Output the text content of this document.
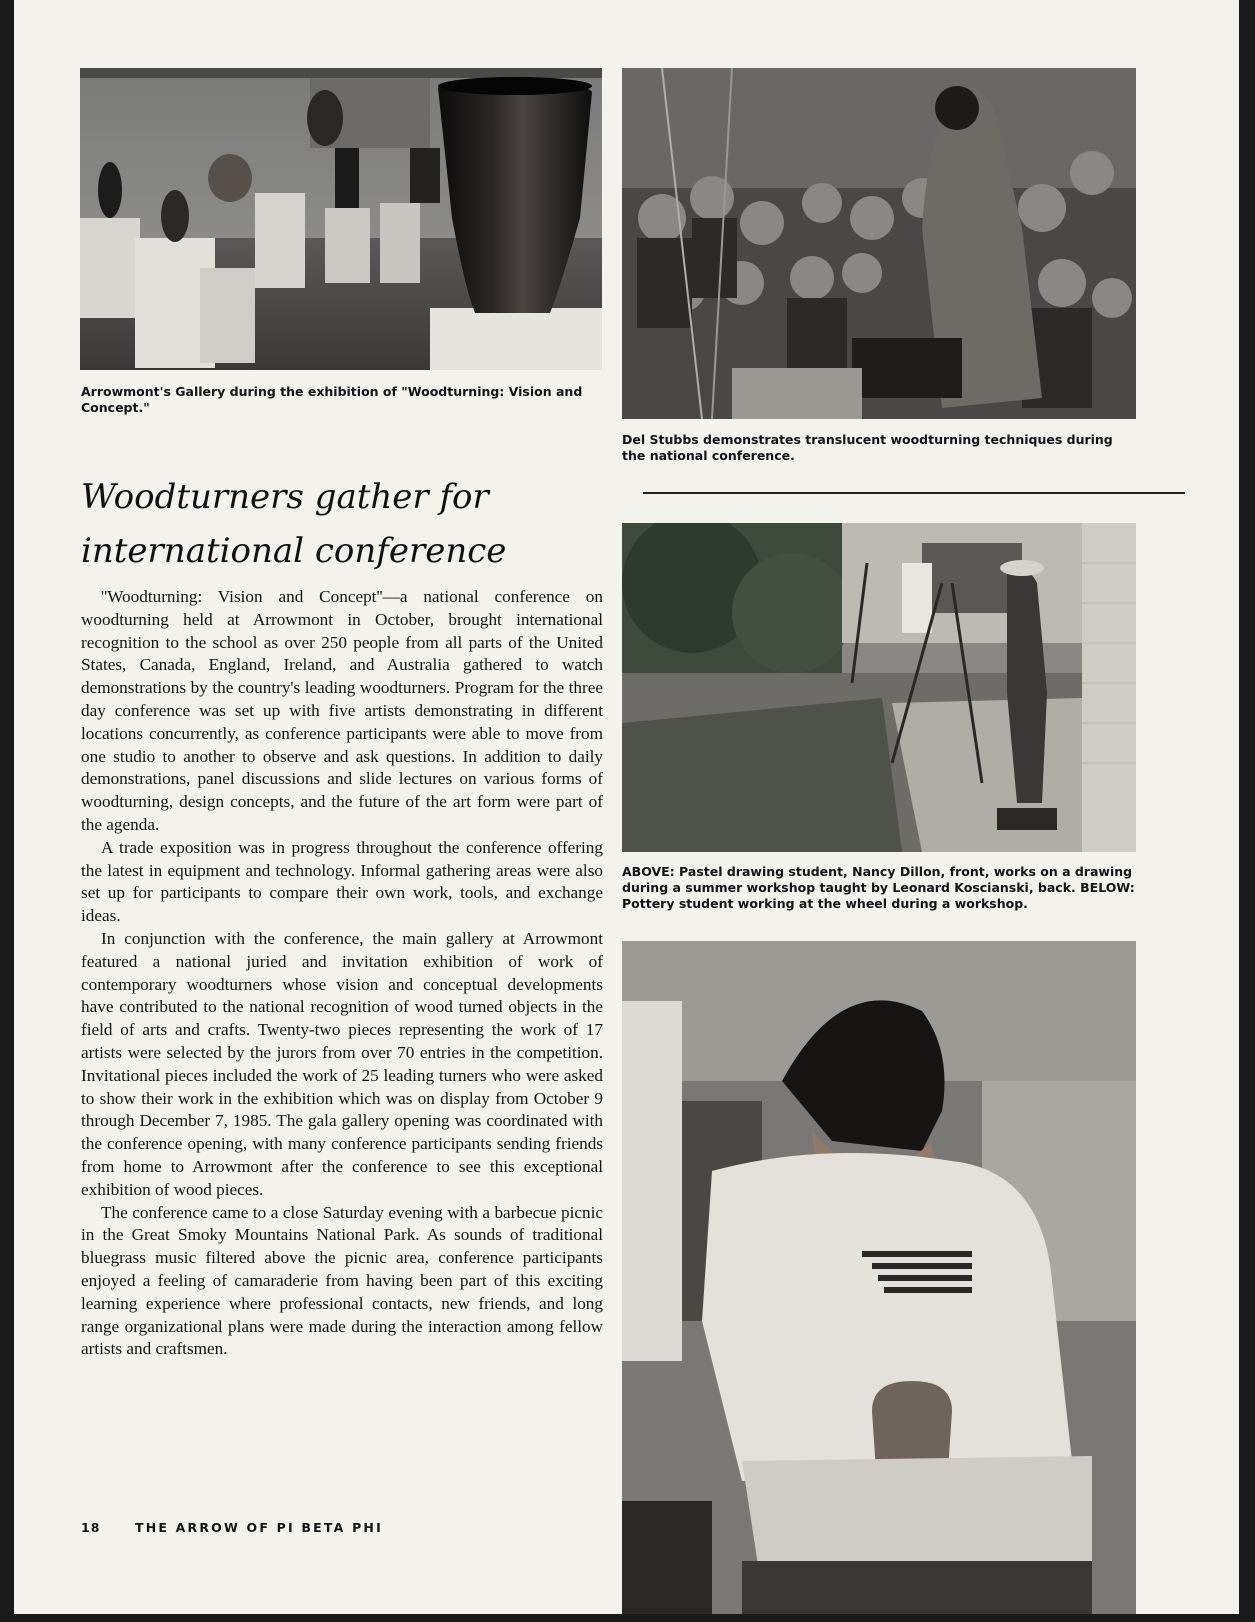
Arrowmont's Gallery during the exhibition of "Woodturning: Vision and Concept."

Del Stubbs demonstrates translucent woodturning techniques during the national conference.

ABOVE: Pastel drawing student, Nancy Dillon, front, works on a drawing during a summer workshop taught by Leonard Koscianski, back. BELOW: Pottery student working at the wheel during a workshop.

Woodturners gather for international conference

''Woodturning: Vision and Concept''—a national conference on woodturning held at Arrowmont in October, brought international recognition to the school as over 250 people from all parts of the United States, Canada, England, Ireland, and Australia gathered to watch demonstrations by the country's leading woodturners. Program for the three day conference was set up with five artists demonstrating in different locations concurrently, as conference participants were able to move from one studio to another to observe and ask questions. In addition to daily demonstrations, panel discussions and slide lectures on various forms of woodturning, design concepts, and the future of the art form were part of the agenda.

A trade exposition was in progress throughout the conference offering the latest in equipment and technology. Informal gathering areas were also set up for participants to compare their own work, tools, and exchange ideas.

In conjunction with the conference, the main gallery at Arrowmont featured a national juried and invitation exhibition of work of contemporary woodturners whose vision and conceptual developments have contributed to the national recognition of wood turned objects in the field of arts and crafts. Twenty-two pieces representing the work of 17 artists were selected by the jurors from over 70 entries in the competition. Invitational pieces included the work of 25 leading turners who were asked to show their work in the exhibition which was on display from October 9 through December 7, 1985. The gala gallery opening was coordinated with the conference opening, with many conference participants sending friends from home to Arrowmont after the conference to see this exceptional exhibition of wood pieces.

The conference came to a close Saturday evening with a barbecue picnic in the Great Smoky Mountains National Park. As sounds of traditional bluegrass music filtered above the picnic area, conference participants enjoyed a feeling of camaraderie from having been part of this exciting learning experience where professional contacts, new friends, and long range organizational plans were made during the interaction among fellow artists and craftsmen.

18	THE ARROW OF PI BETA PHI
